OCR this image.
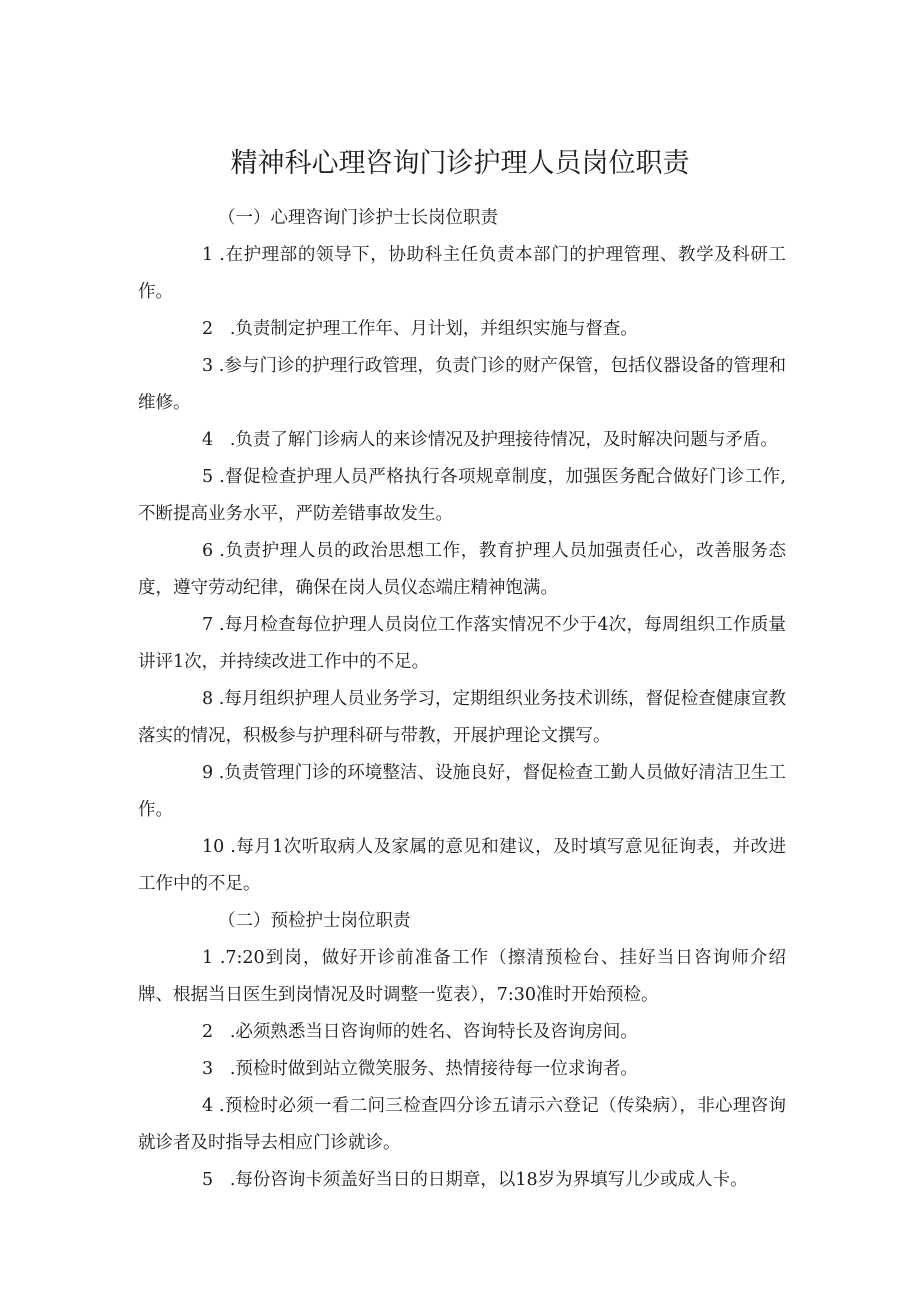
精神科心理咨询门诊护理人员岗位职责

（一）心理咨询门诊护士长岗位职责

1 .在护理部的领导下，协助科主任负责本部门的护理管理、教学及科研工作。

2   .负责制定护理工作年、月计划，并组织实施与督查。

3 .参与门诊的护理行政管理，负责门诊的财产保管，包括仪器设备的管理和维修。

4   .负责了解门诊病人的来诊情况及护理接待情况，及时解决问题与矛盾。

5 .督促检查护理人员严格执行各项规章制度，加强医务配合做好门诊工作,不断提高业务水平，严防差错事故发生。

6 .负责护理人员的政治思想工作，教育护理人员加强责任心，改善服务态度，遵守劳动纪律，确保在岗人员仪态端庄精神饱满。

7 .每月检查每位护理人员岗位工作落实情况不少于4次，每周组织工作质量讲评1次，并持续改进工作中的不足。

8 .每月组织护理人员业务学习，定期组织业务技术训练，督促检查健康宣教落实的情况，积极参与护理科研与带教，开展护理论文撰写。

9 .负责管理门诊的环境整洁、设施良好，督促检查工勤人员做好清洁卫生工作。

10 .每月1次听取病人及家属的意见和建议，及时填写意见征询表，并改进工作中的不足。

（二）预检护士岗位职责

1 .7:20到岗，做好开诊前准备工作（擦清预检台、挂好当日咨询师介绍牌、根据当日医生到岗情况及时调整一览表），7:30准时开始预检。

2   .必须熟悉当日咨询师的姓名、咨询特长及咨询房间。

3   .预检时做到站立微笑服务、热情接待每一位求询者。

4 .预检时必须一看二问三检查四分诊五请示六登记（传染病），非心理咨询就诊者及时指导去相应门诊就诊。

5   .每份咨询卡须盖好当日的日期章，以18岁为界填写儿少或成人卡。
